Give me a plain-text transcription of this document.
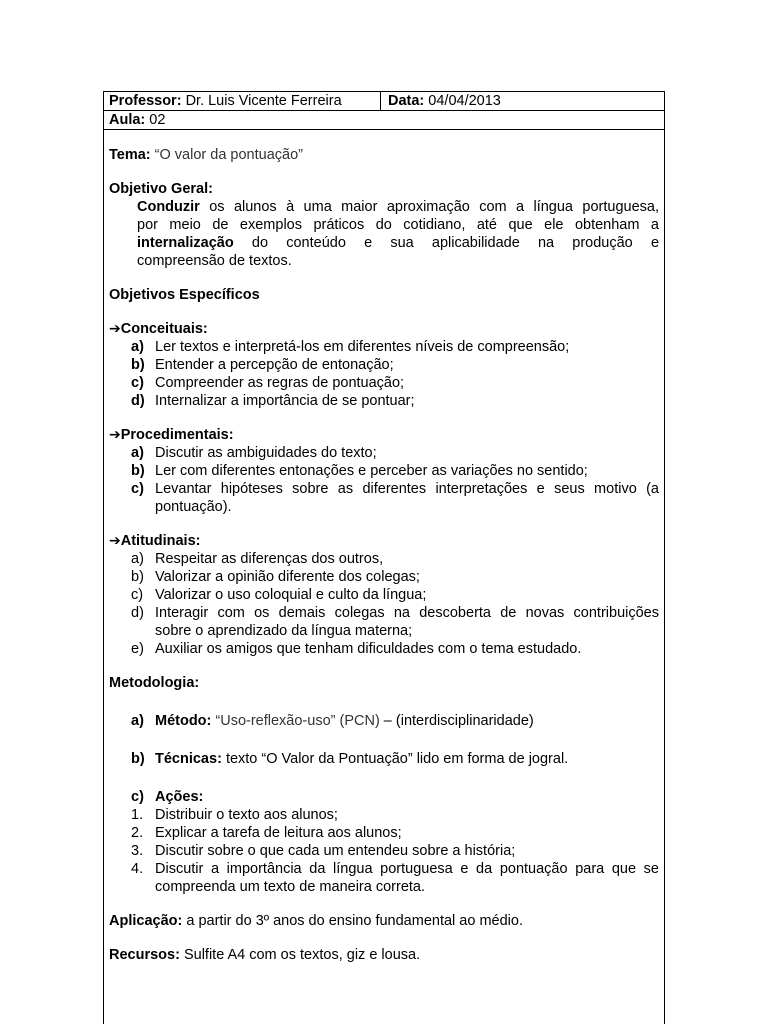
Professor: Dr. Luis Vicente Ferreira	Data: 04/04/2013
Aula: 02

Tema: “O valor da pontuação”

Objetivo Geral:

Conduzir os alunos à uma maior aproximação com a língua portuguesa,

por meio de exemplos práticos do cotidiano, até que ele obtenham a

internalização do conteúdo e sua aplicabilidade na produção e

compreensão de textos.

Objetivos Específicos

➔Conceituais:

a) Ler textos e interpretá-los em diferentes níveis de compreensão;

b) Entender a percepção de entonação;

c) Compreender as regras de pontuação;

d) Internalizar a importância de se pontuar;

➔Procedimentais:

a) Discutir as ambiguidades do texto;

b) Ler com diferentes entonações e perceber as variações no sentido;

c) Levantar hipóteses sobre as diferentes interpretações e seus motivo (a

pontuação).

➔Atitudinais:

a) Respeitar as diferenças dos outros,

b) Valorizar a opinião diferente dos colegas;

c) Valorizar o uso coloquial e culto da língua;

d) Interagir com os demais colegas na descoberta de novas contribuições

sobre o aprendizado da língua materna;

e) Auxiliar os amigos que tenham dificuldades com o tema estudado.

Metodologia:

a) Método: “Uso-reflexão-uso” (PCN) – (interdisciplinaridade)

b) Técnicas: texto “O Valor da Pontuação” lido em forma de jogral.

c) Ações:

1. Distribuir o texto aos alunos;

2. Explicar a tarefa de leitura aos alunos;

3. Discutir sobre o que cada um entendeu sobre a história;

4. Discutir a importância da língua portuguesa e da pontuação para que se

compreenda um texto de maneira correta.

Aplicação: a partir do 3º anos do ensino fundamental ao médio.

Recursos: Sulfite A4 com os textos, giz e lousa.
